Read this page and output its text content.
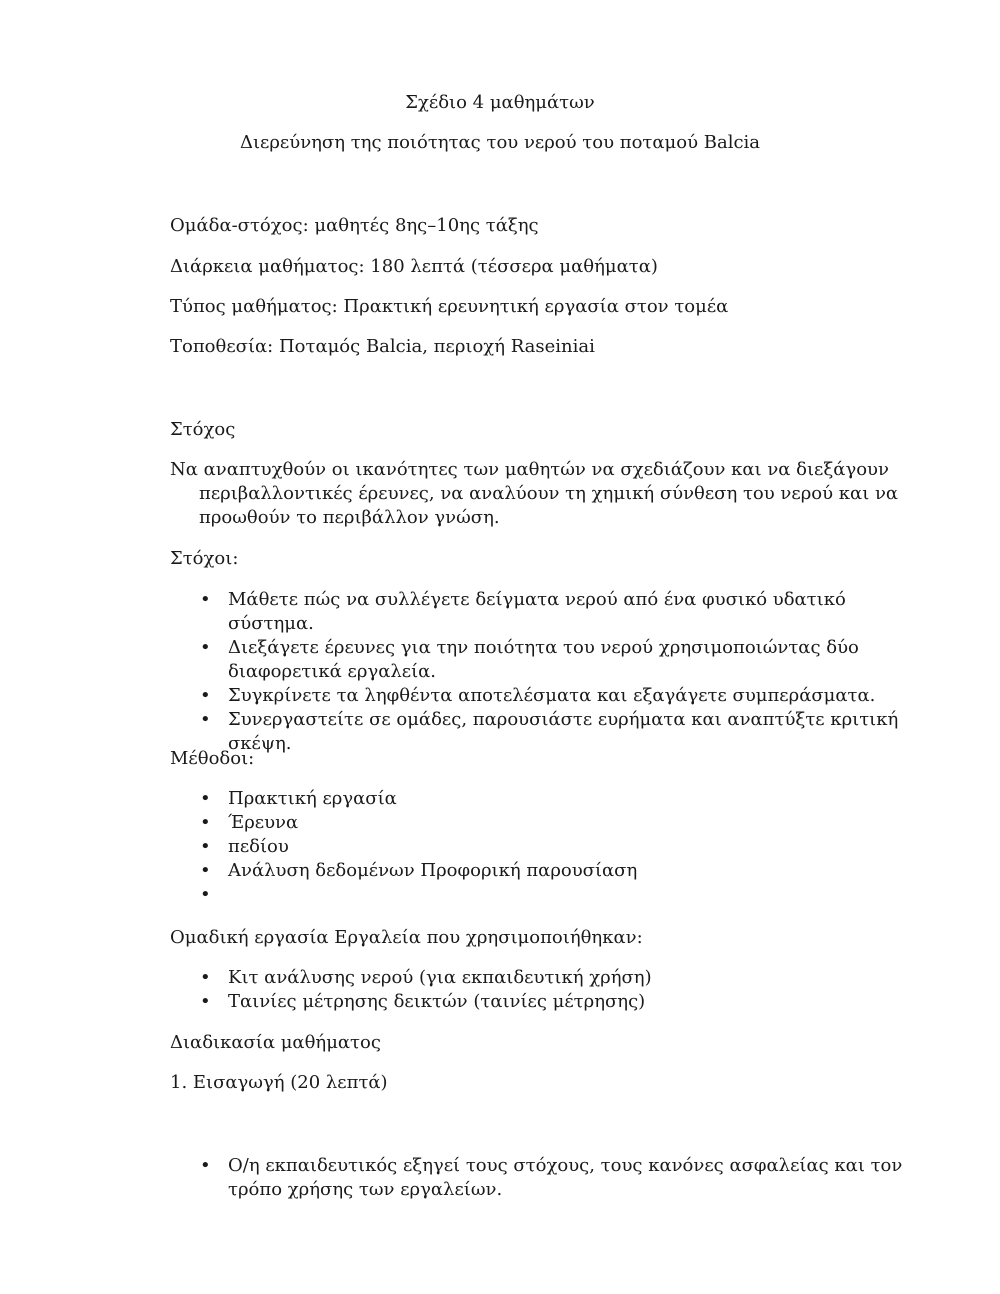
Σχέδιο 4 μαθημάτων
Διερεύνηση της ποιότητας του νερού του ποταμού Balcia
Ομάδα-στόχος: μαθητές 8ης–10ης τάξης
Διάρκεια μαθήματος: 180 λεπτά (τέσσερα μαθήματα)
Τύπος μαθήματος: Πρακτική ερευνητική εργασία στον τομέα
Τοποθεσία: Ποταμός Balcia, περιοχή Raseiniai
Στόχος
Να αναπτυχθούν οι ικανότητες των μαθητών να σχεδιάζουν και να διεξάγουν περιβαλλοντικές έρευνες, να αναλύουν τη χημική σύνθεση του νερού και να προωθούν το περιβάλλον γνώση.
Στόχοι:
• Μάθετε πώς να συλλέγετε δείγματα νερού από ένα φυσικό υδατικό σύστημα.
• Διεξάγετε έρευνες για την ποιότητα του νερού χρησιμοποιώντας δύο διαφορετικά εργαλεία.
• Συγκρίνετε τα ληφθέντα αποτελέσματα και εξαγάγετε συμπεράσματα.
• Συνεργαστείτε σε ομάδες, παρουσιάστε ευρήματα και αναπτύξτε κριτική σκέψη.
Μέθοδοι:
• Πρακτική εργασία
• Έρευνα
• πεδίου
• Ανάλυση δεδομένων Προφορική παρουσίαση
•
Ομαδική εργασία Εργαλεία που χρησιμοποιήθηκαν:
• Κιτ ανάλυσης νερού (για εκπαιδευτική χρήση)
• Ταινίες μέτρησης δεικτών (ταινίες μέτρησης)
Διαδικασία μαθήματος
1. Εισαγωγή (20 λεπτά)
• Ο/η εκπαιδευτικός εξηγεί τους στόχους, τους κανόνες ασφαλείας και τον τρόπο χρήσης των εργαλείων.
